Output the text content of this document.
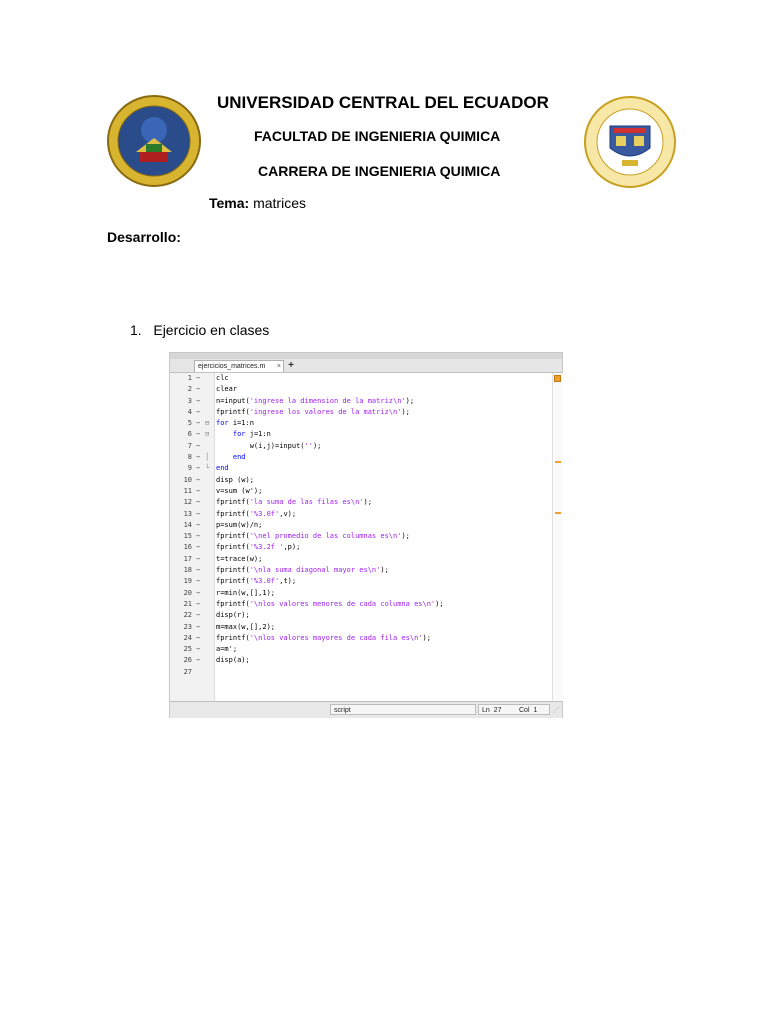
UNIVERSIDAD CENTRAL DEL ECUADOR
FACULTAD DE INGENIERIA QUIMICA
CARRERA DE INGENIERIA QUIMICA
Tema: matrices
Desarrollo:
1. Ejercicio en clases
ejercicios_matrices.m × +
1 − clc
2 − clear
3 − n=input('ingrese la dimension de la matriz\n');
4 − fprintf('ingrese los valores de la matriz\n');
5 − ⊟ for i=1:n
6 − ⊟	for j=1:n
7 − w(i,j)=input('');
8 − │	end
9 − └ end
10 − disp (w);
11 − v=sum (w');
12 − fprintf('la suma de las filas es\n');
13 − fprintf('%3.0f',v);
14 − p=sum(w)/n;
15 − fprintf('\nel promedio de las columnas es\n');
16 − fprintf('%3.2f ',p);
17 − t=trace(w);
18 − fprintf('\nla suma diagonal mayor es\n');
19 − fprintf('%3.0f',t);
20 − r=min(w,[],1);
21 − fprintf('\nlos valores menores de cada columna es\n');
22 − disp(r);
23 − m=max(w,[],2);
24 − fprintf('\nlos valores mayores de cada fila es\n');
25 − a=m';
26 − disp(a);
27
script	Ln 27	Col 1	⋰
